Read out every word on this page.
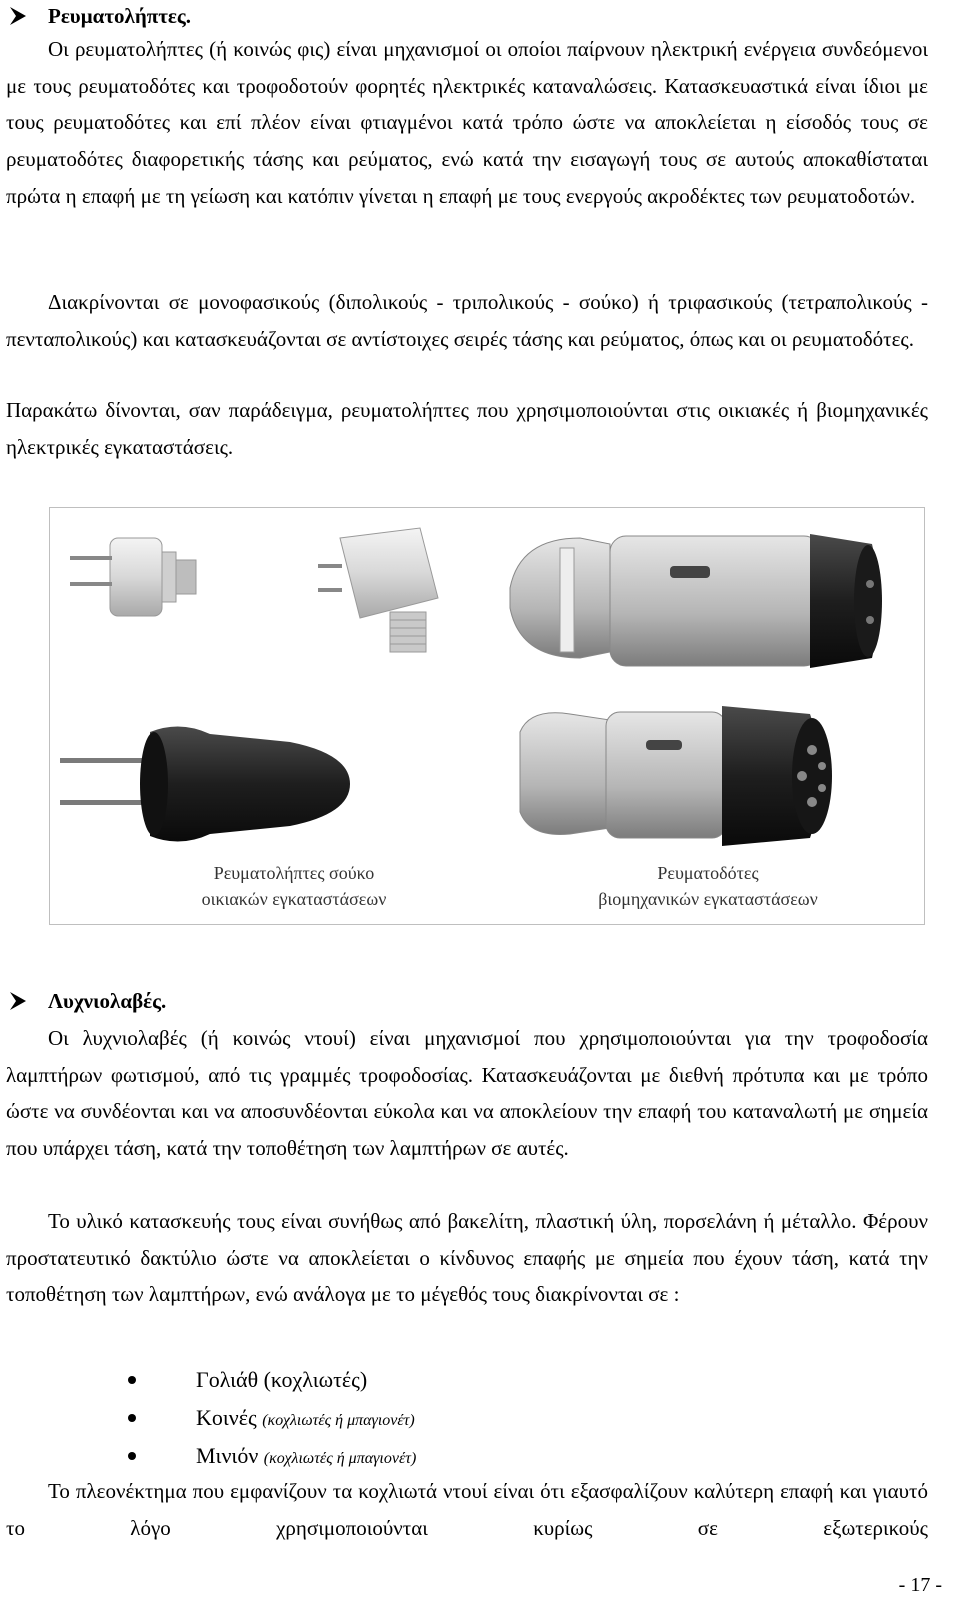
Ρευματολήπτες.

Οι ρευματολήπτες (ή κοινώς φις) είναι μηχανισμοί οι οποίοι παίρνουν ηλεκτρική ενέργεια συνδεόμενοι με τους ρευματοδότες και τροφοδοτούν φορητές ηλεκτρικές καταναλώσεις. Κατασκευαστικά είναι ίδιοι με τους ρευματοδότες και επί πλέον είναι φτιαγμένοι κατά τρόπο ώστε να αποκλείεται η είσοδός τους σε ρευματοδότες διαφορετικής τάσης και ρεύματος, ενώ κατά την εισαγωγή τους σε αυτούς αποκαθίσταται πρώτα η επαφή με τη γείωση και κατόπιν γίνεται η επαφή με τους ενεργούς ακροδέκτες των ρευματοδοτών.

Διακρίνονται σε μονοφασικούς (διπολικούς - τριπολικούς - σούκο) ή τριφασικούς (τετραπολικούς - πενταπολικούς) και κατασκευάζονται σε αντίστοιχες σειρές τάσης και ρεύματος, όπως και οι ρευματοδότες.

Παρακάτω δίνονται, σαν παράδειγμα, ρευματολήπτες που χρησιμοποιούνται στις οικιακές ή βιομηχανικές ηλεκτρικές εγκαταστάσεις.

Ρευματολήπτες σούκο
οικιακών εγκαταστάσεων
Ρευματοδότες
βιομηχανικών εγκαταστάσεων
Λυχνιολαβές.

Οι λυχνιολαβές (ή κοινώς ντουί) είναι μηχανισμοί που χρησιμοποιούνται για την τροφοδοσία λαμπτήρων φωτισμού, από τις γραμμές τροφοδοσίας. Κατασκευάζονται με διεθνή πρότυπα και με τρόπο ώστε να συνδέονται και να αποσυνδέονται εύκολα και να αποκλείουν την επαφή του καταναλωτή με σημεία που υπάρχει τάση, κατά την τοποθέτηση των λαμπτήρων σε αυτές.

Το υλικό κατασκευής τους είναι συνήθως από βακελίτη, πλαστική ύλη, πορσελάνη ή μέταλλο. Φέρουν προστατευτικό δακτύλιο ώστε να αποκλείεται ο κίνδυνος επαφής με σημεία που έχουν τάση, κατά την τοποθέτηση των λαμπτήρων, ενώ ανάλογα με το μέγεθός τους διακρίνονται σε :

Γολιάθ (κοχλιωτές)
Κοινές (κοχλιωτές ή μπαγιονέτ)
Μινιόν (κοχλιωτές ή μπαγιονέτ)

Το πλεονέκτημα που εμφανίζουν τα κοχλιωτά ντουί είναι ότι εξασφαλίζουν καλύτερη επαφή και γιαυτό το λόγο χρησιμοποιούνται κυρίως σε εξωτερικούς

- 17 -
